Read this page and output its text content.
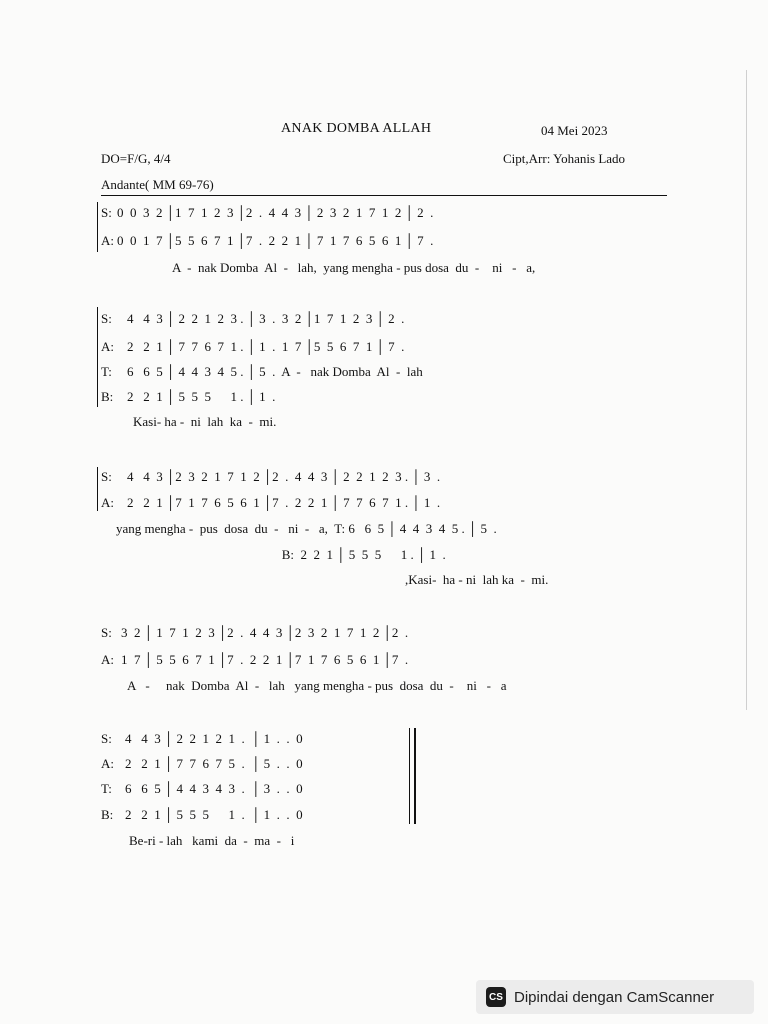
ANAK DOMBA ALLAH	04 Mei 2023
DO=F/G, 4/4	Cipt,Arr: Yohanis Lado
Andante( MM 69-76)
S: 0  0  3  2 │1  7  1  2  3 │2  .  4  4  3 │ 2  3  2  1  7  1  2 │ 2  .
A: 0  0  1  7 │5  5  6  7  1 │7  .  2  2  1 │ 7  1  7  6  5  6  1 │ 7  .
A  -  nak Domba  Al  -   lah,  yang mengha - pus dosa  du  -    ni   -   a,
S: 4   4  3 │ 2  2  1  2  3 . │ 3  .  3  2 │1  7  1  2  3 │ 2  .
A: 2   2  1 │ 7  7  6  7  1 . │ 1  .  1  7 │5  5  6  7  1 │ 7  .
T: 6   6  5 │ 4  4  3  4  5 . │ 5  .  A  -   nak Domba  Al  -  lah
B: 2   2  1 │ 5  5  5      1 . │ 1  .
Kasi- ha -  ni  lah  ka  -  mi.
S: 4   4  3 │2  3  2  1  7  1  2 │2  .  4  4  3 │ 2  2  1  2  3 . │ 3  .
A: 2   2  1 │7  1  7  6  5  6  1 │7  .  2  2  1 │ 7  7  6  7  1 . │ 1  .
yang mengha -  pus  dosa  du  -   ni  -   a,  T: 6   6  5 │ 4  4  3  4  5 . │ 5  .
B:  2  2  1 │ 5  5  5      1 . │ 1  .
,Kasi-  ha - ni  lah ka  -  mi.
S: 3  2 │ 1  7  1  2  3 │2  .  4  4  3 │2  3  2  1  7  1  2 │2  .
A: 1  7 │ 5  5  6  7  1 │7  .  2  2  1 │7  1  7  6  5  6  1 │7  .
A   -     nak  Domba  Al  -   lah   yang mengha - pus  dosa  du  -    ni   -   a
S: 4   4  3 │ 2  2  1  2  1  .  │ 1  .  .  0
A: 2   2  1 │ 7  7  6  7  5  .  │ 5  .  .  0
T: 6   6  5 │ 4  4  3  4  3  .  │ 3  .  .  0
B: 2   2  1 │ 5  5  5      1  .  │ 1  .  .  0
Be-ri - lah   kami  da  -  ma  -   i
CS Dipindai dengan CamScanner
